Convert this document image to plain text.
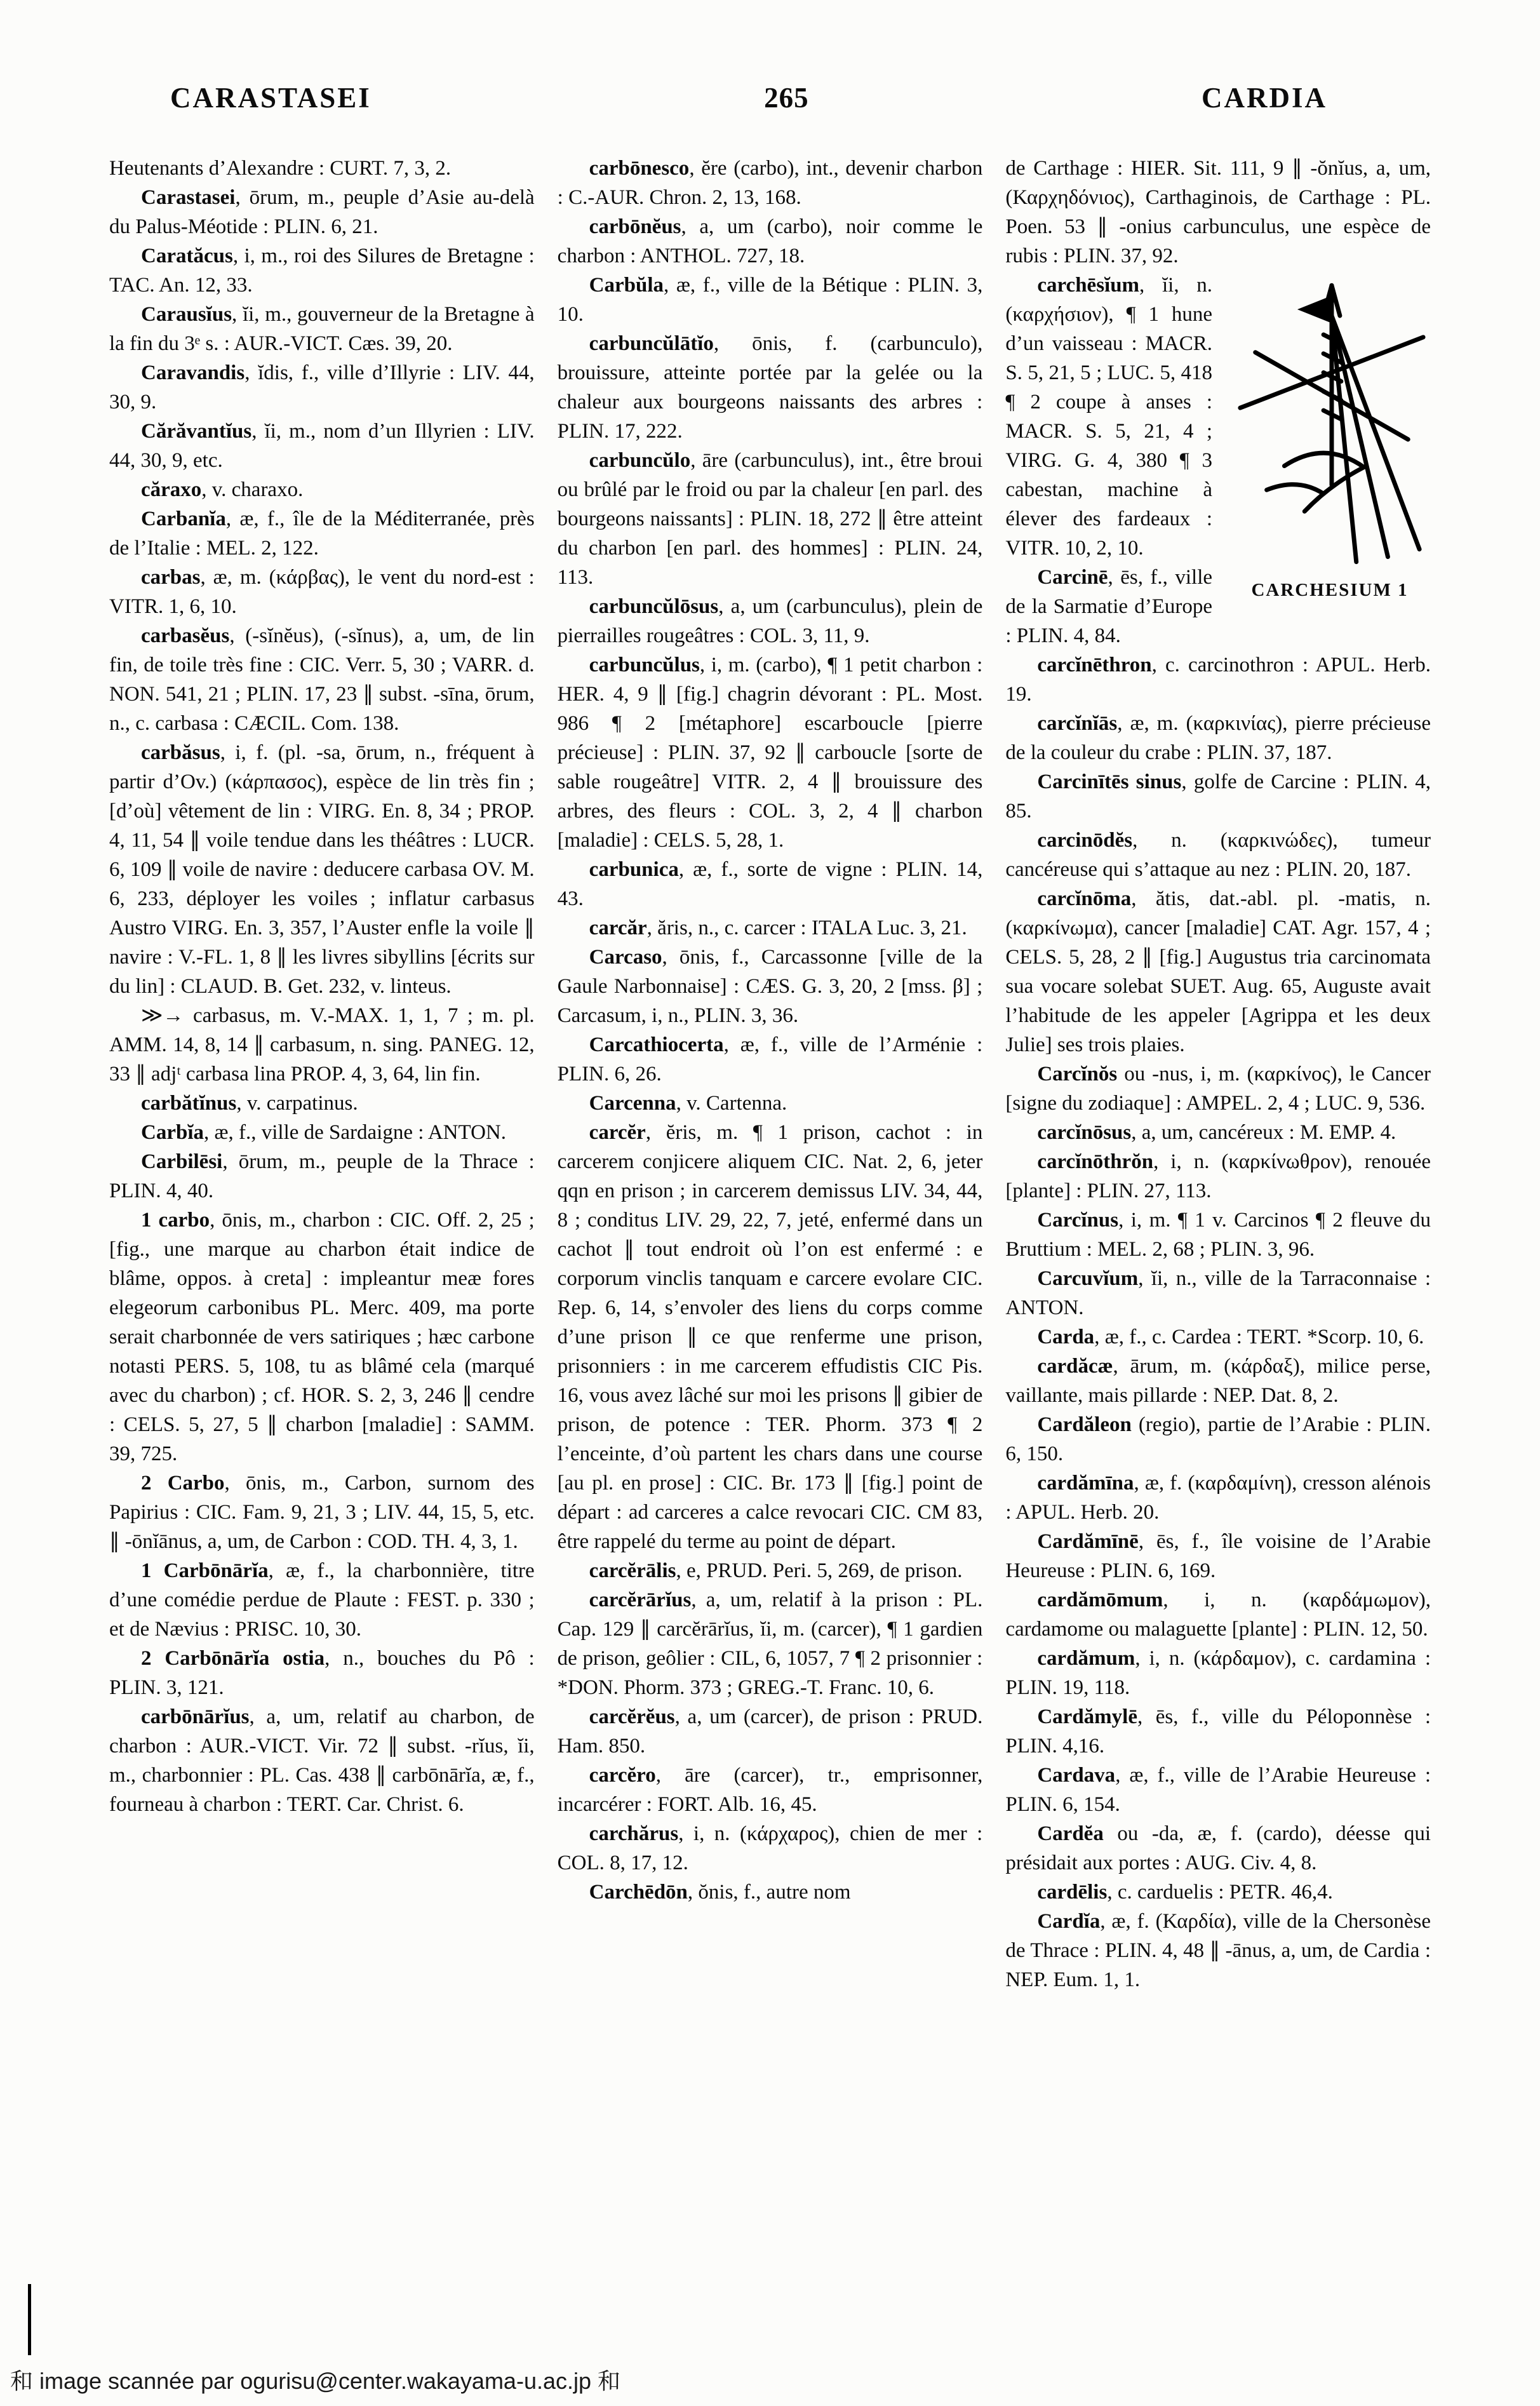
CARASTASEI	265	CARDIA

Heutenants d’Alexandre : CURT. 7, 3, 2.

Carastasei, ōrum, m., peuple d’Asie au-delà du Palus-Méotide : PLIN. 6, 21.

Caratăcus, i, m., roi des Silures de Bretagne : TAC. An. 12, 33.

Carausĭus, ĭi, m., gouverneur de la Bretagne à la fin du 3ᵉ s. : AUR.-VICT. Cæs. 39, 20.

Caravandis, ĭdis, f., ville d’Illyrie : LIV. 44, 30, 9.

Cărăvantĭus, ĭi, m., nom d’un Illyrien : LIV. 44, 30, 9, etc.

căraxo, v. charaxo.

Carbanĭa, æ, f., île de la Méditerranée, près de l’Italie : MEL. 2, 122.

carbas, æ, m. (κάρβας), le vent du nord-est : VITR. 1, 6, 10.

carbasĕus, (-sĭnĕus), (-sĭnus), a, um, de lin fin, de toile très fine : CIC. Verr. 5, 30 ; VARR. d. NON. 541, 21 ; PLIN. 17, 23 ∥ subst. -sīna, ōrum, n., c. carbasa : CÆCIL. Com. 138.

carbăsus, i, f. (pl. -sa, ōrum, n., fréquent à partir d’Ov.) (κάρπασος), espèce de lin très fin ; [d’où] vêtement de lin : VIRG. En. 8, 34 ; PROP. 4, 11, 54 ∥ voile tendue dans les théâtres : LUCR. 6, 109 ∥ voile de navire : deducere carbasa OV. M. 6, 233, déployer les voiles ; inflatur carbasus Austro VIRG. En. 3, 357, l’Auster enfle la voile ∥ navire : V.-FL. 1, 8 ∥ les livres sibyllins [écrits sur du lin] : CLAUD. B. Get. 232, v. linteus.

≫→ carbasus, m. V.-MAX. 1, 1, 7 ; m. pl. AMM. 14, 8, 14 ∥ carbasum, n. sing. PANEG. 12, 33 ∥ adjᵗ carbasa lina PROP. 4, 3, 64, lin fin.

carbătĭnus, v. carpatinus.

Carbĭa, æ, f., ville de Sardaigne : ANTON.

Carbilēsi, ōrum, m., peuple de la Thrace : PLIN. 4, 40.

1 carbo, ōnis, m., charbon : CIC. Off. 2, 25 ; [fig., une marque au charbon était indice de blâme, oppos. à creta] : impleantur meæ fores elegeorum carbonibus PL. Merc. 409, ma porte serait charbonnée de vers satiriques ; hæc carbone notasti PERS. 5, 108, tu as blâmé cela (marqué avec du charbon) ; cf. HOR. S. 2, 3, 246 ∥ cendre : CELS. 5, 27, 5 ∥ charbon [maladie] : SAMM. 39, 725.

2 Carbo, ōnis, m., Carbon, surnom des Papirius : CIC. Fam. 9, 21, 3 ; LIV. 44, 15, 5, etc. ∥ -ōnĭānus, a, um, de Carbon : COD. TH. 4, 3, 1.

1 Carbōnārĭa, æ, f., la charbonnière, titre d’une comédie perdue de Plaute : FEST. p. 330 ; et de Nævius : PRISC. 10, 30.

2 Carbōnārĭa ostia, n., bouches du Pô : PLIN. 3, 121.

carbōnārĭus, a, um, relatif au charbon, de charbon : AUR.-VICT. Vir. 72 ∥ subst. -rĭus, ĭi, m., charbonnier : PL. Cas. 438 ∥ carbōnārĭa, æ, f., fourneau à charbon : TERT. Car. Christ. 6.

carbōnesco, ĕre (carbo), int., devenir charbon : C.-AUR. Chron. 2, 13, 168.

carbōnĕus, a, um (carbo), noir comme le charbon : ANTHOL. 727, 18.

Carbŭla, æ, f., ville de la Bétique : PLIN. 3, 10.

carbuncŭlātĭo, ōnis, f. (carbunculo), brouissure, atteinte portée par la gelée ou la chaleur aux bourgeons naissants des arbres : PLIN. 17, 222.

carbuncŭlo, āre (carbunculus), int., être broui ou brûlé par le froid ou par la chaleur [en parl. des bourgeons naissants] : PLIN. 18, 272 ∥ être atteint du charbon [en parl. des hommes] : PLIN. 24, 113.

carbuncŭlōsus, a, um (carbunculus), plein de pierrailles rougeâtres : COL. 3, 11, 9.

carbuncŭlus, i, m. (carbo), ¶ 1 petit charbon : HER. 4, 9 ∥ [fig.] chagrin dévorant : PL. Most. 986 ¶ 2 [métaphore] escarboucle [pierre précieuse] : PLIN. 37, 92 ∥ carboucle [sorte de sable rougeâtre] VITR. 2, 4 ∥ brouissure des arbres, des fleurs : COL. 3, 2, 4 ∥ charbon [maladie] : CELS. 5, 28, 1.

carbunica, æ, f., sorte de vigne : PLIN. 14, 43.

carcăr, ăris, n., c. carcer : ITALA Luc. 3, 21.

Carcaso, ōnis, f., Carcassonne [ville de la Gaule Narbonnaise] : CÆS. G. 3, 20, 2 [mss. β] ; Carcasum, i, n., PLIN. 3, 36.

Carcathiocerta, æ, f., ville de l’Arménie : PLIN. 6, 26.

Carcenna, v. Cartenna.

carcĕr, ĕris, m. ¶ 1 prison, cachot : in carcerem conjicere aliquem CIC. Nat. 2, 6, jeter qqn en prison ; in carcerem demissus LIV. 34, 44, 8 ; conditus LIV. 29, 22, 7, jeté, enfermé dans un cachot ∥ tout endroit où l’on est enfermé : e corporum vinclis tanquam e carcere evolare CIC. Rep. 6, 14, s’envoler des liens du corps comme d’une prison ∥ ce que renferme une prison, prisonniers : in me carcerem effudistis CIC Pis. 16, vous avez lâché sur moi les prisons ∥ gibier de prison, de potence : TER. Phorm. 373 ¶ 2 l’enceinte, d’où partent les chars dans une course [au pl. en prose] : CIC. Br. 173 ∥ [fig.] point de départ : ad carceres a calce revocari CIC. CM 83, être rappelé du terme au point de départ.

carcĕrālis, e, PRUD. Peri. 5, 269, de prison.

carcĕrārĭus, a, um, relatif à la prison : PL. Cap. 129 ∥ carcĕrārĭus, ĭi, m. (carcer), ¶ 1 gardien de prison, geôlier : CIL, 6, 1057, 7 ¶ 2 prisonnier : *DON. Phorm. 373 ; GREG.-T. Franc. 10, 6.

carcĕrĕus, a, um (carcer), de prison : PRUD. Ham. 850.

carcĕro, āre (carcer), tr., emprisonner, incarcérer : FORT. Alb. 16, 45.

carchărus, i, n. (κάρχαρος), chien de mer : COL. 8, 17, 12.

Carchēdōn, ŏnis, f., autre nom

de Carthage : HIER. Sit. 111, 9 ∥ -ŏnĭus, a, um, (Καρχηδόνιος), Carthaginois, de Carthage : PL. Poen. 53 ∥ -onius carbunculus, une espèce de rubis : PLIN. 37, 92.

CARCHESIUM 1

carchēsĭum, ĭi, n. (καρχήσιον), ¶ 1 hune d’un vaisseau : MACR. S. 5, 21, 5 ; LUC. 5, 418 ¶ 2 coupe à anses : MACR. S. 5, 21, 4 ; VIRG. G. 4, 380 ¶ 3 cabestan, machine à élever des fardeaux : VITR. 10, 2, 10.

Carcinē, ēs, f., ville de la Sarmatie d’Europe : PLIN. 4, 84.

carcĭnēthron, c. carcinothron : APUL. Herb. 19.

carcĭnĭās, æ, m. (καρκινίας), pierre précieuse de la couleur du crabe : PLIN. 37, 187.

Carcinītēs sinus, golfe de Carcine : PLIN. 4, 85.

carcinōdĕs, n. (καρκινώδες), tumeur cancéreuse qui s’attaque au nez : PLIN. 20, 187.

carcĭnōma, ătis, dat.-abl. pl. -matis, n. (καρκίνωμα), cancer [maladie] CAT. Agr. 157, 4 ; CELS. 5, 28, 2 ∥ [fig.] Augustus tria carcinomata sua vocare solebat SUET. Aug. 65, Auguste avait l’habitude de les appeler [Agrippa et les deux Julie] ses trois plaies.

Carcĭnŏs ou -nus, i, m. (καρκίνος), le Cancer [signe du zodiaque] : AMPEL. 2, 4 ; LUC. 9, 536.

carcĭnōsus, a, um, cancéreux : M. EMP. 4.

carcĭnōthrŏn, i, n. (καρκίνωθρον), renouée [plante] : PLIN. 27, 113.

Carcĭnus, i, m. ¶ 1 v. Carcinos ¶ 2 fleuve du Bruttium : MEL. 2, 68 ; PLIN. 3, 96.

Carcuvĭum, ĭi, n., ville de la Tarraconnaise : ANTON.

Carda, æ, f., c. Cardea : TERT. *Scorp. 10, 6.

cardăcæ, ārum, m. (κάρδαξ), milice perse, vaillante, mais pillarde : NEP. Dat. 8, 2.

Cardăleon (regio), partie de l’Arabie : PLIN. 6, 150.

cardămīna, æ, f. (καρδαμίνη), cresson alénois : APUL. Herb. 20.

Cardămīnē, ēs, f., île voisine de l’Arabie Heureuse : PLIN. 6, 169.

cardămōmum, i, n. (καρδάμωμον), cardamome ou malaguette [plante] : PLIN. 12, 50.

cardămum, i, n. (κάρδαμον), c. cardamina : PLIN. 19, 118.

Cardămylē, ēs, f., ville du Péloponnèse : PLIN. 4,16.

Cardava, æ, f., ville de l’Arabie Heureuse : PLIN. 6, 154.

Cardĕa ou -da, æ, f. (cardo), déesse qui présidait aux portes : AUG. Civ. 4, 8.

cardēlis, c. carduelis : PETR. 46,4.

Cardĭa, æ, f. (Καρδία), ville de la Chersonèse de Thrace : PLIN. 4, 48 ∥ -ānus, a, um, de Cardia : NEP. Eum. 1, 1.

和 image scannée par ogurisu@center.wakayama-u.ac.jp 和
